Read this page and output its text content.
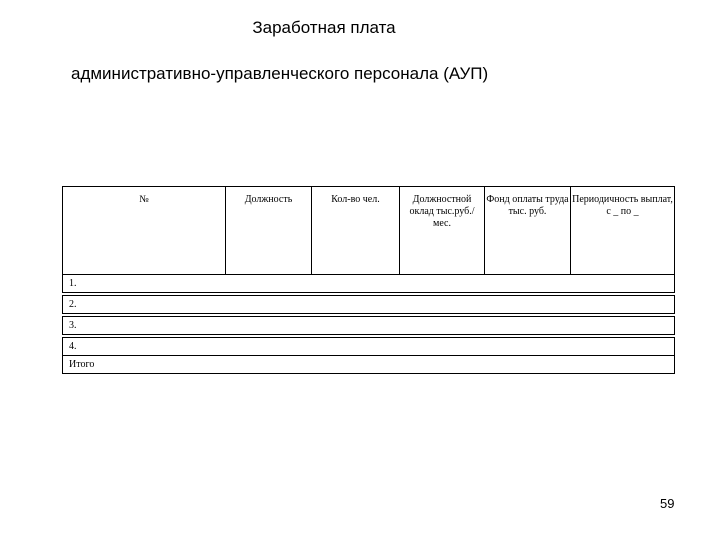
Заработная плата
административно-управленческого персонала (АУП)
№	Должность	Кол-во чел.	Должностной оклад тыс.руб./ мес.	Фонд оплаты труда тыс. руб.	Периодичность выплат, с _ по _
1.

2.

3.

4.
Итого
59
